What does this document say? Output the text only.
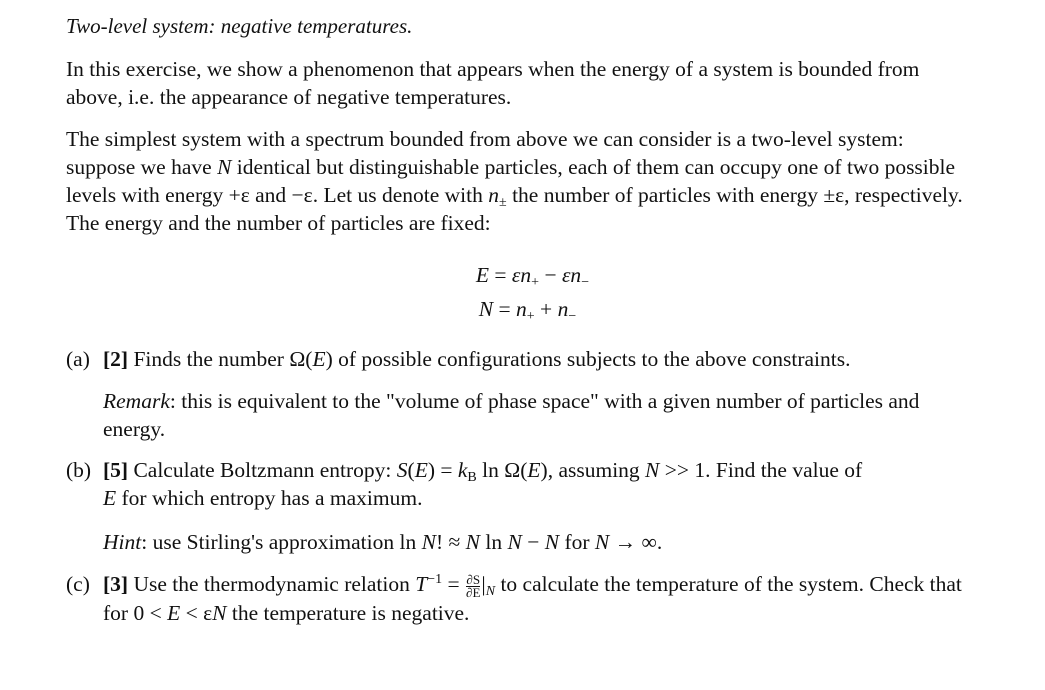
Two-level system: negative temperatures.
In this exercise, we show a phenomenon that appears when the energy of a system is bounded from above, i.e. the appearance of negative temperatures.
The simplest system with a spectrum bounded from above we can consider is a two-level system: suppose we have N identical but distinguishable particles, each of them can occupy one of two possible levels with energy +ε and −ε. Let us denote with $n_\pm$ the number of particles with energy ±ε, respectively. The energy and the number of particles are fixed:
$E = \varepsilon n_+ - \varepsilon n_-$
$N = n_+ + n_-$
(a) [2] Finds the number Ω(E) of possible configurations subjects to the above constraints.
Remark: this is equivalent to the "volume of phase space" with a given number of particles and energy.
(b) [5] Calculate Boltzmann entropy: $S(E) = k_B$ ln Ω(E), assuming N >> 1. Find the value of
E for which entropy has a maximum.
Hint: use Stirling's approximation ln N! ≈ N ln N − N for N → ∞.
(c) [3] Use the thermodynamic relation $T^{-1} = \frac{\partial S}{\partial E} |_N$ to calculate the temperature of the system. Check that for 0 < E < εN the temperature is negative.
